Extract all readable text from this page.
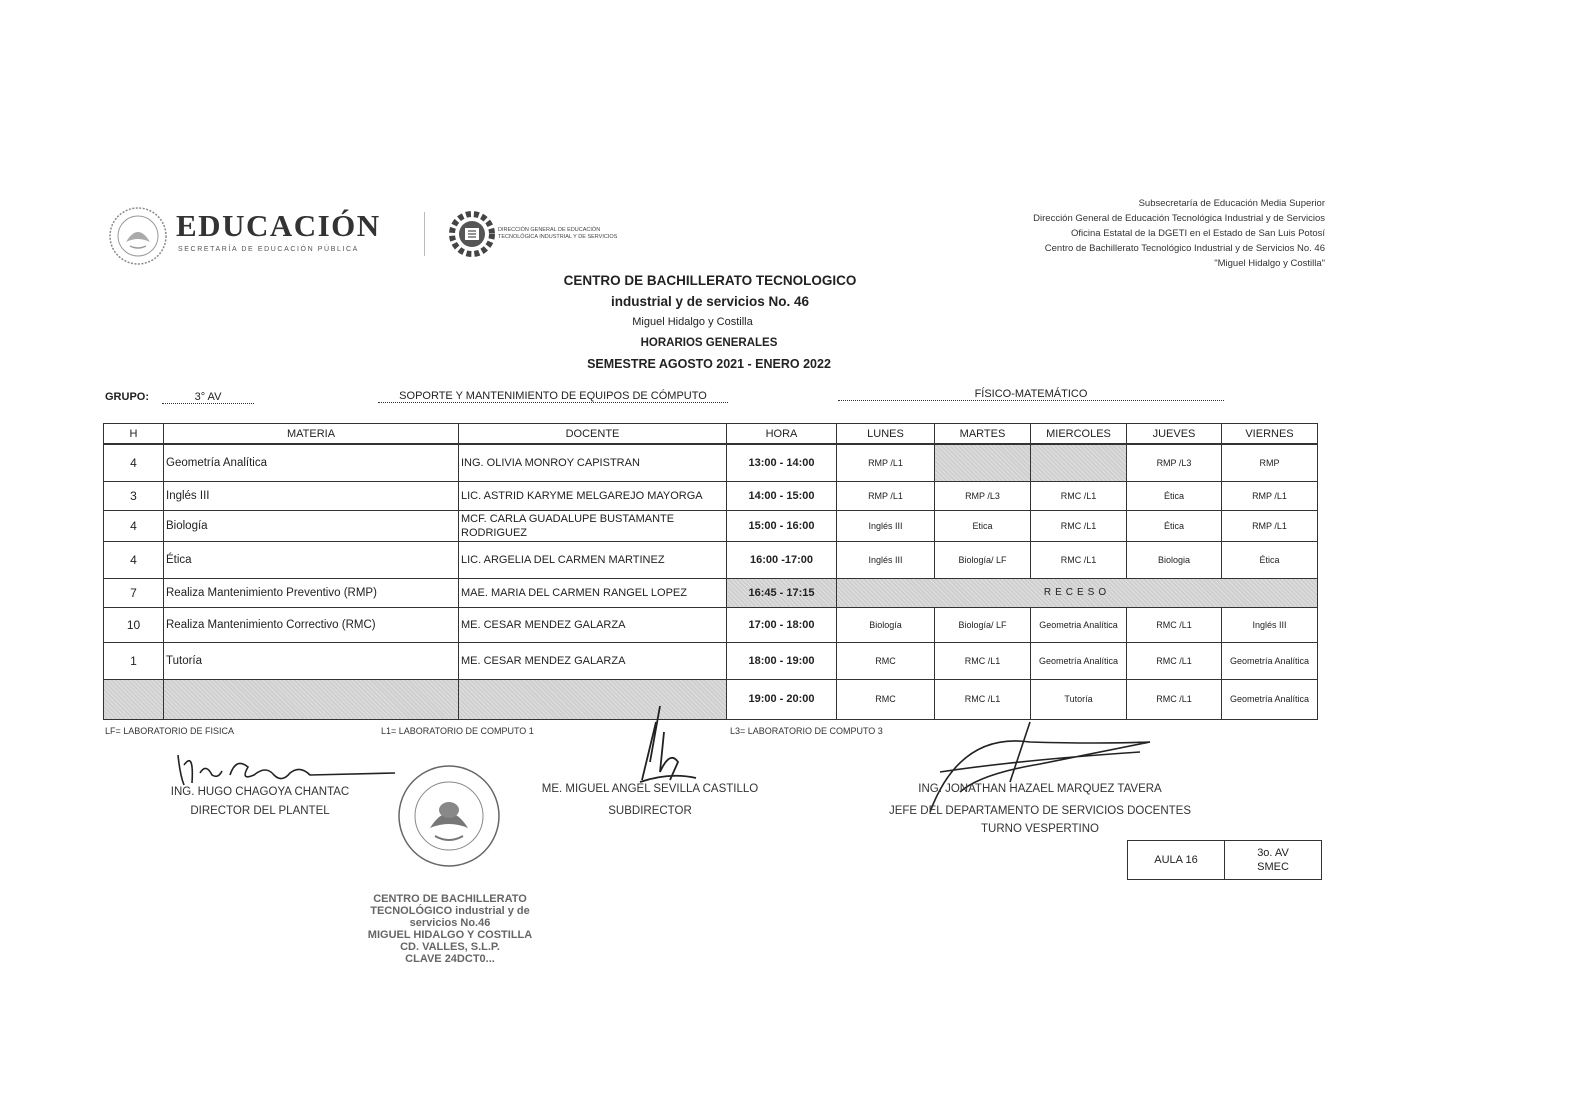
EDUCACIÓN
SECRETARÍA DE EDUCACIÓN PÚBLICA
DIRECCIÓN GENERAL DE EDUCACIÓN TECNOLÓGICA INDUSTRIAL Y DE SERVICIOS
Subsecretaría de Educación Media Superior
Dirección General de Educación Tecnológica Industrial y de Servicios
Oficina Estatal de la DGETI en el Estado de San Luis Potosí
Centro de Bachillerato Tecnológico Industrial y de Servicios No. 46
"Miguel Hidalgo y Costilla"
CENTRO DE BACHILLERATO TECNOLOGICO
industrial y de servicios No. 46
Miguel Hidalgo y Costilla
HORARIOS GENERALES
SEMESTRE AGOSTO 2021 - ENERO 2022
GRUPO:	3° AV	SOPORTE Y MANTENIMIENTO DE EQUIPOS DE CÓMPUTO	FÍSICO-MATEMÁTICO
H	MATERIA	DOCENTE	HORA	LUNES	MARTES	MIERCOLES	JUEVES	VIERNES
4	Geometría Analítica	ING. OLIVIA MONROY CAPISTRAN	13:00 - 14:00	RMP /L1			RMP /L3	RMP
3	Inglés III	LIC. ASTRID KARYME MELGAREJO MAYORGA	14:00 - 15:00	RMP /L1	RMP /L3	RMC /L1	Ética	RMP /L1
4	Biología	MCF. CARLA GUADALUPE BUSTAMANTE RODRIGUEZ	15:00 - 16:00	Inglés III	Etica	RMC /L1	Ética	RMP /L1
4	Ética	LIC. ARGELIA DEL CARMEN MARTINEZ	16:00 -17:00	Inglés III	Biología/ LF	RMC /L1	Biologia	Ética
7	Realiza Mantenimiento Preventivo (RMP)	MAE. MARIA DEL CARMEN RANGEL LOPEZ	16:45 - 17:15	RECESO				
10	Realiza Mantenimiento Correctivo (RMC)	ME. CESAR MENDEZ GALARZA	17:00 - 18:00	Biología	Biología/ LF	Geometria Analítica	RMC /L1	Inglés III
1	Tutoría	ME. CESAR MENDEZ GALARZA	18:00 - 19:00	RMC	RMC /L1	Geometría Analítica	RMC /L1	Geometría Analítica
			19:00 - 20:00	RMC	RMC /L1	Tutoría	RMC /L1	Geometría Analítica
LF= LABORATORIO DE FISICA	L1= LABORATORIO DE COMPUTO 1	L3= LABORATORIO DE COMPUTO 3
ING. HUGO CHAGOYA CHANTAC
DIRECTOR DEL PLANTEL
ME. MIGUEL ANGEL SEVILLA CASTILLO
SUBDIRECTOR
ING. JONATHAN HAZAEL MARQUEZ TAVERA
JEFE DEL DEPARTAMENTO DE SERVICIOS DOCENTES
TURNO VESPERTINO
CENTRO DE BACHILLERATO
TECNOLÓGICO industrial y de
servicios No.46
MIGUEL HIDALGO Y COSTILLA
CD. VALLES, S.L.P.
CLAVE 24DCT0...
AULA 16	
3o. AV
SMEC
